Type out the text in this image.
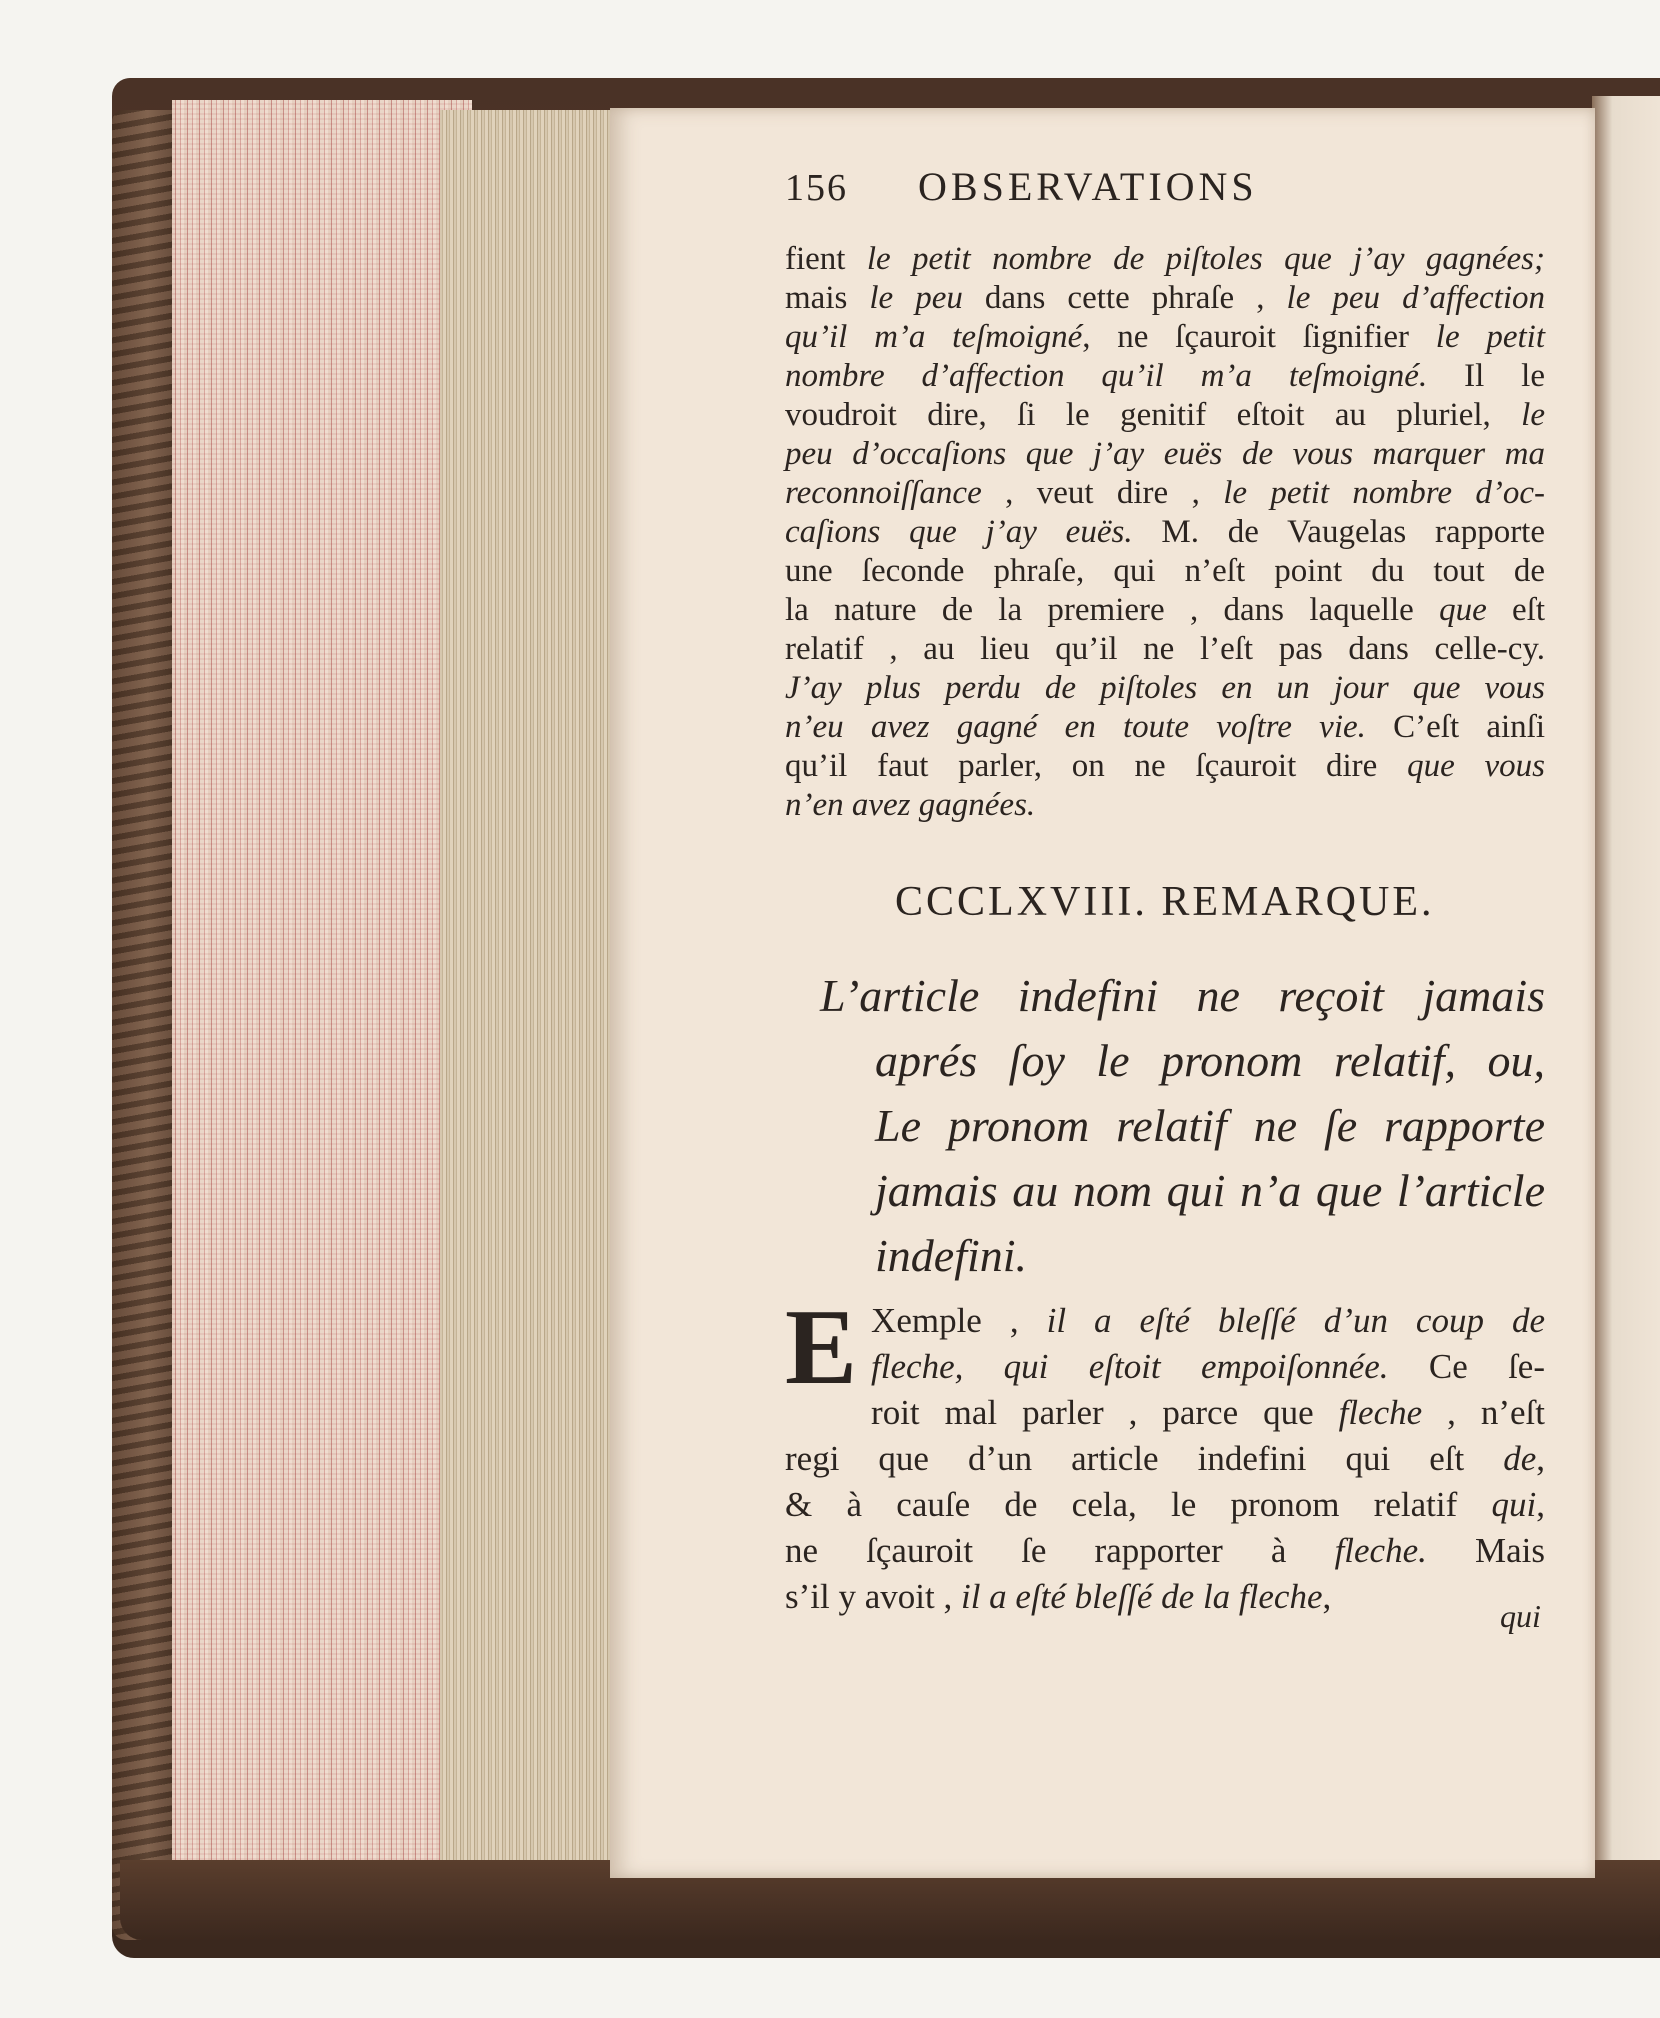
156 OBSERVATIONS
fient le petit nombre de piſtoles que j’ay gagnées;
mais le peu dans cette phraſe , le peu d’affection
qu’il m’a teſmoigné, ne ſçauroit ſignifier le petit
nombre d’affection qu’il m’a teſmoigné. Il le
voudroit dire, ſi le genitif eſtoit au pluriel, le
peu d’occaſions que j’ay euës de vous marquer ma
reconnoiſſance , veut dire , le petit nombre d’oc-
caſions que j’ay euës. M. de Vaugelas rapporte
une ſeconde phraſe, qui n’eſt point du tout de
la nature de la premiere , dans laquelle que eſt
relatif , au lieu qu’il ne l’eſt pas dans celle-cy.
J’ay plus perdu de piſtoles en un jour que vous
n’eu avez gagné en toute voſtre vie. C’eſt ainſi
qu’il faut parler, on ne ſçauroit dire que vous
n’en avez gagnées.
CCCLXVIII. REMARQUE.
L’article indefini ne reçoit jamais
aprés ſoy le pronom relatif, ou,
Le pronom relatif ne ſe rapporte
jamais au nom qui n’a que l’article
indefini.
E Xemple , il a eſté bleſſé d’un coup de
fleche, qui eſtoit empoiſonnée. Ce ſe-
roit mal parler , parce que fleche , n’eſt
regi que d’un article indefini qui eſt de,
& à cauſe de cela, le pronom relatif qui,
ne ſçauroit ſe rapporter à fleche. Mais
s’il y avoit , il a eſté bleſſé de la fleche,	qui
